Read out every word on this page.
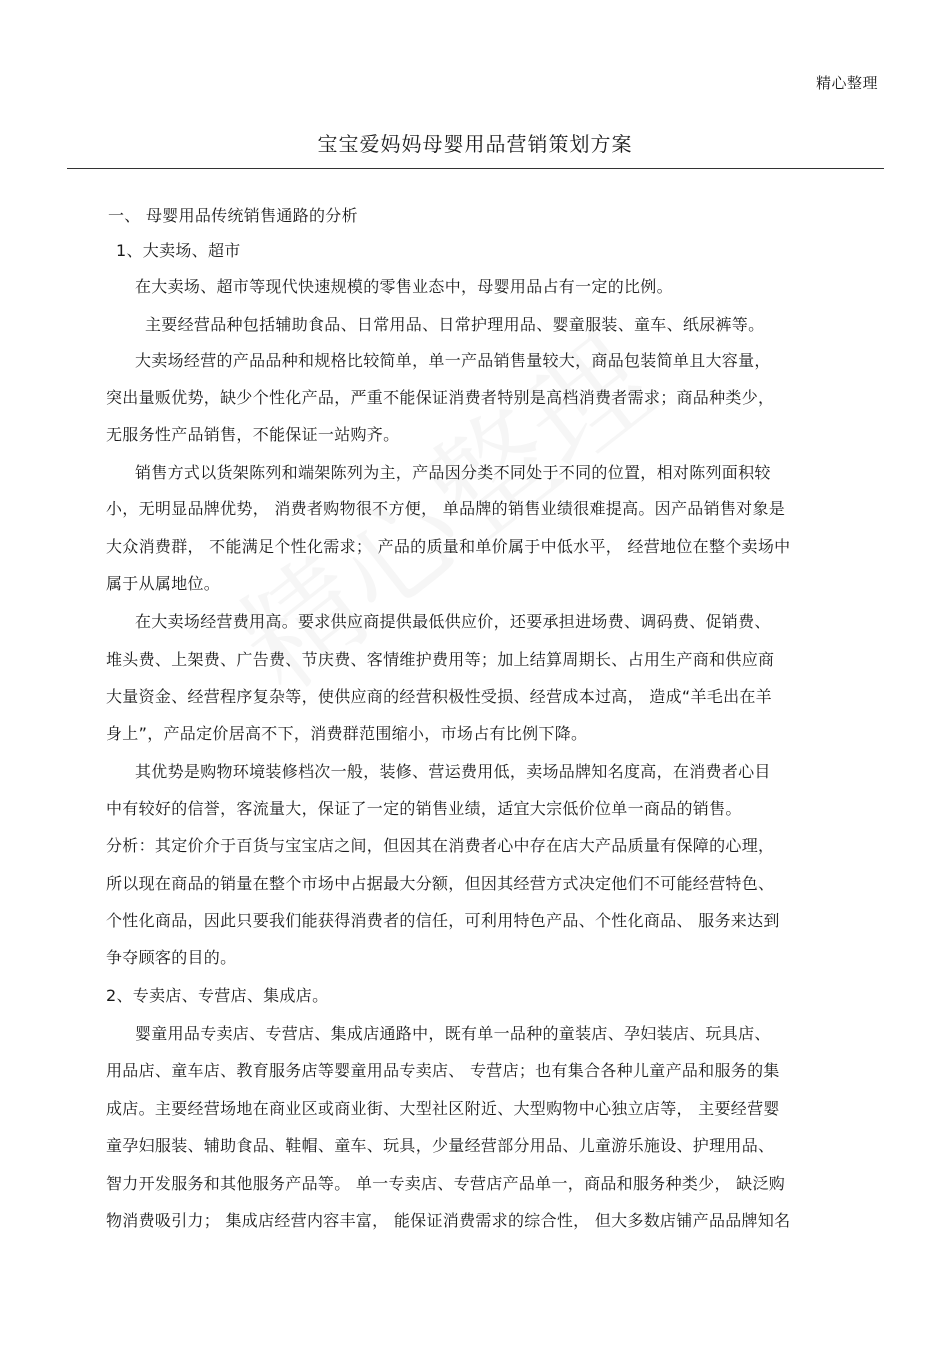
精心整理
宝宝爱妈妈母婴用品营销策划方案
一、 母婴用品传统销售通路的分析
1、大卖场、超市
在大卖场、超市等现代快速规模的零售业态中，母婴用品占有一定的比例。
主要经营品种包括辅助食品、日常用品、日常护理用品、婴童服装、童车、纸尿裤等。
大卖场经营的产品品种和规格比较简单，单一产品销售量较大，商品包装简单且大容量，
突出量贩优势，缺少个性化产品，严重不能保证消费者特别是高档消费者需求；商品种类少，
无服务性产品销售，不能保证一站购齐。
销售方式以货架陈列和端架陈列为主，产品因分类不同处于不同的位置，相对陈列面积较
小，无明显品牌优势， 消费者购物很不方便， 单品牌的销售业绩很难提高。因产品销售对象是
大众消费群， 不能满足个性化需求； 产品的质量和单价属于中低水平， 经营地位在整个卖场中
属于从属地位。
在大卖场经营费用高。要求供应商提供最低供应价，还要承担进场费、调码费、促销费、
堆头费、上架费、广告费、节庆费、客情维护费用等；加上结算周期长、占用生产商和供应商
大量资金、经营程序复杂等，使供应商的经营积极性受损、经营成本过高， 造成“羊毛出在羊
身上”，产品定价居高不下，消费群范围缩小，市场占有比例下降。
其优势是购物环境装修档次一般，装修、营运费用低，卖场品牌知名度高，在消费者心目
中有较好的信誉，客流量大，保证了一定的销售业绩，适宜大宗低价位单一商品的销售。
分析：其定价介于百货与宝宝店之间，但因其在消费者心中存在店大产品质量有保障的心理，
所以现在商品的销量在整个市场中占据最大分额，但因其经营方式决定他们不可能经营特色、
个性化商品，因此只要我们能获得消费者的信任，可利用特色产品、个性化商品、 服务来达到
争夺顾客的目的。
2、专卖店、专营店、集成店。
婴童用品专卖店、专营店、集成店通路中，既有单一品种的童装店、孕妇装店、玩具店、
用品店、童车店、教育服务店等婴童用品专卖店、 专营店；也有集合各种儿童产品和服务的集
成店。主要经营场地在商业区或商业街、大型社区附近、大型购物中心独立店等， 主要经营婴
童孕妇服装、辅助食品、鞋帽、童车、玩具，少量经营部分用品、儿童游乐施设、护理用品、
智力开发服务和其他服务产品等。 单一专卖店、专营店产品单一，商品和服务种类少， 缺泛购
物消费吸引力； 集成店经营内容丰富， 能保证消费需求的综合性， 但大多数店铺产品品牌知名
